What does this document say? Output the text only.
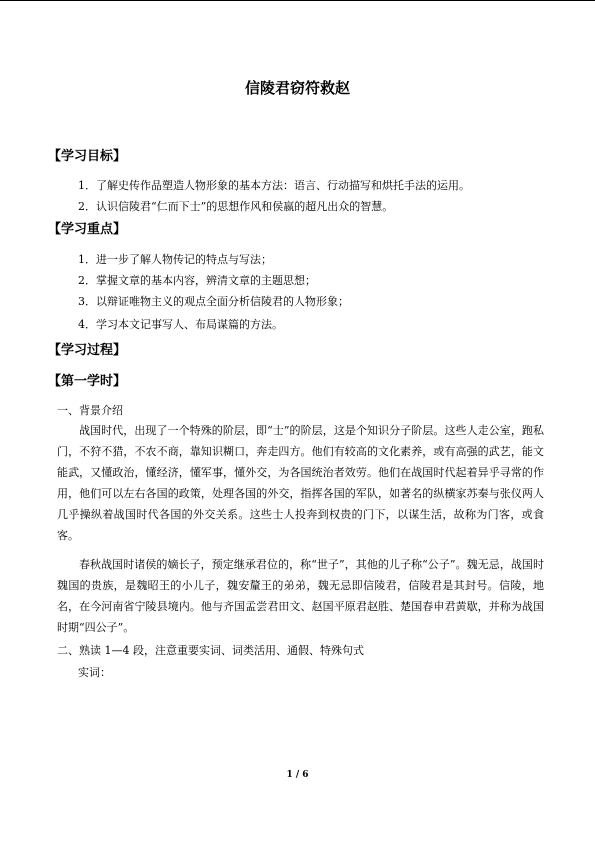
信陵君窃符救赵
【学习目标】
1．了解史传作品塑造人物形象的基本方法：语言、行动描写和烘托手法的运用。
2．认识信陵君“仁而下士”的思想作风和侯嬴的超凡出众的智慧。
【学习重点】
1．进一步了解人物传记的特点与写法；
2．掌握文章的基本内容，辨清文章的主题思想；
3．以辩证唯物主义的观点全面分析信陵君的人物形象；
4．学习本文记事写人、布局谋篇的方法。
【学习过程】
【第一学时】
一、背景介绍
战国时代，出现了一个特殊的阶层，即“士”的阶层，这是个知识分子阶层。这些人走公室，跑私门，不狩不猎，不农不商，靠知识糊口，奔走四方。他们有较高的文化素养，或有高强的武艺，能文能武，又懂政治，懂经济，懂军事，懂外交，为各国统治者效劳。他们在战国时代起着异乎寻常的作用，他们可以左右各国的政策，处理各国的外交，指挥各国的军队，如著名的纵横家苏秦与张仪两人几乎操纵着战国时代各国的外交关系。这些士人投奔到权贵的门下，以谋生活，故称为门客，或食客。
春秋战国时诸侯的嫡长子，预定继承君位的，称“世子”，其他的儿子称“公子”。魏无忌，战国时魏国的贵族，是魏昭王的小儿子，魏安釐王的弟弟，魏无忌即信陵君，信陵君是其封号。信陵，地名，在今河南省宁陵县境内。他与齐国孟尝君田文、赵国平原君赵胜、楚国春申君黄歇，并称为战国时期“四公子”。
二、熟读 1—4 段，注意重要实词、词类活用、通假、特殊句式
实词：
1 / 6
